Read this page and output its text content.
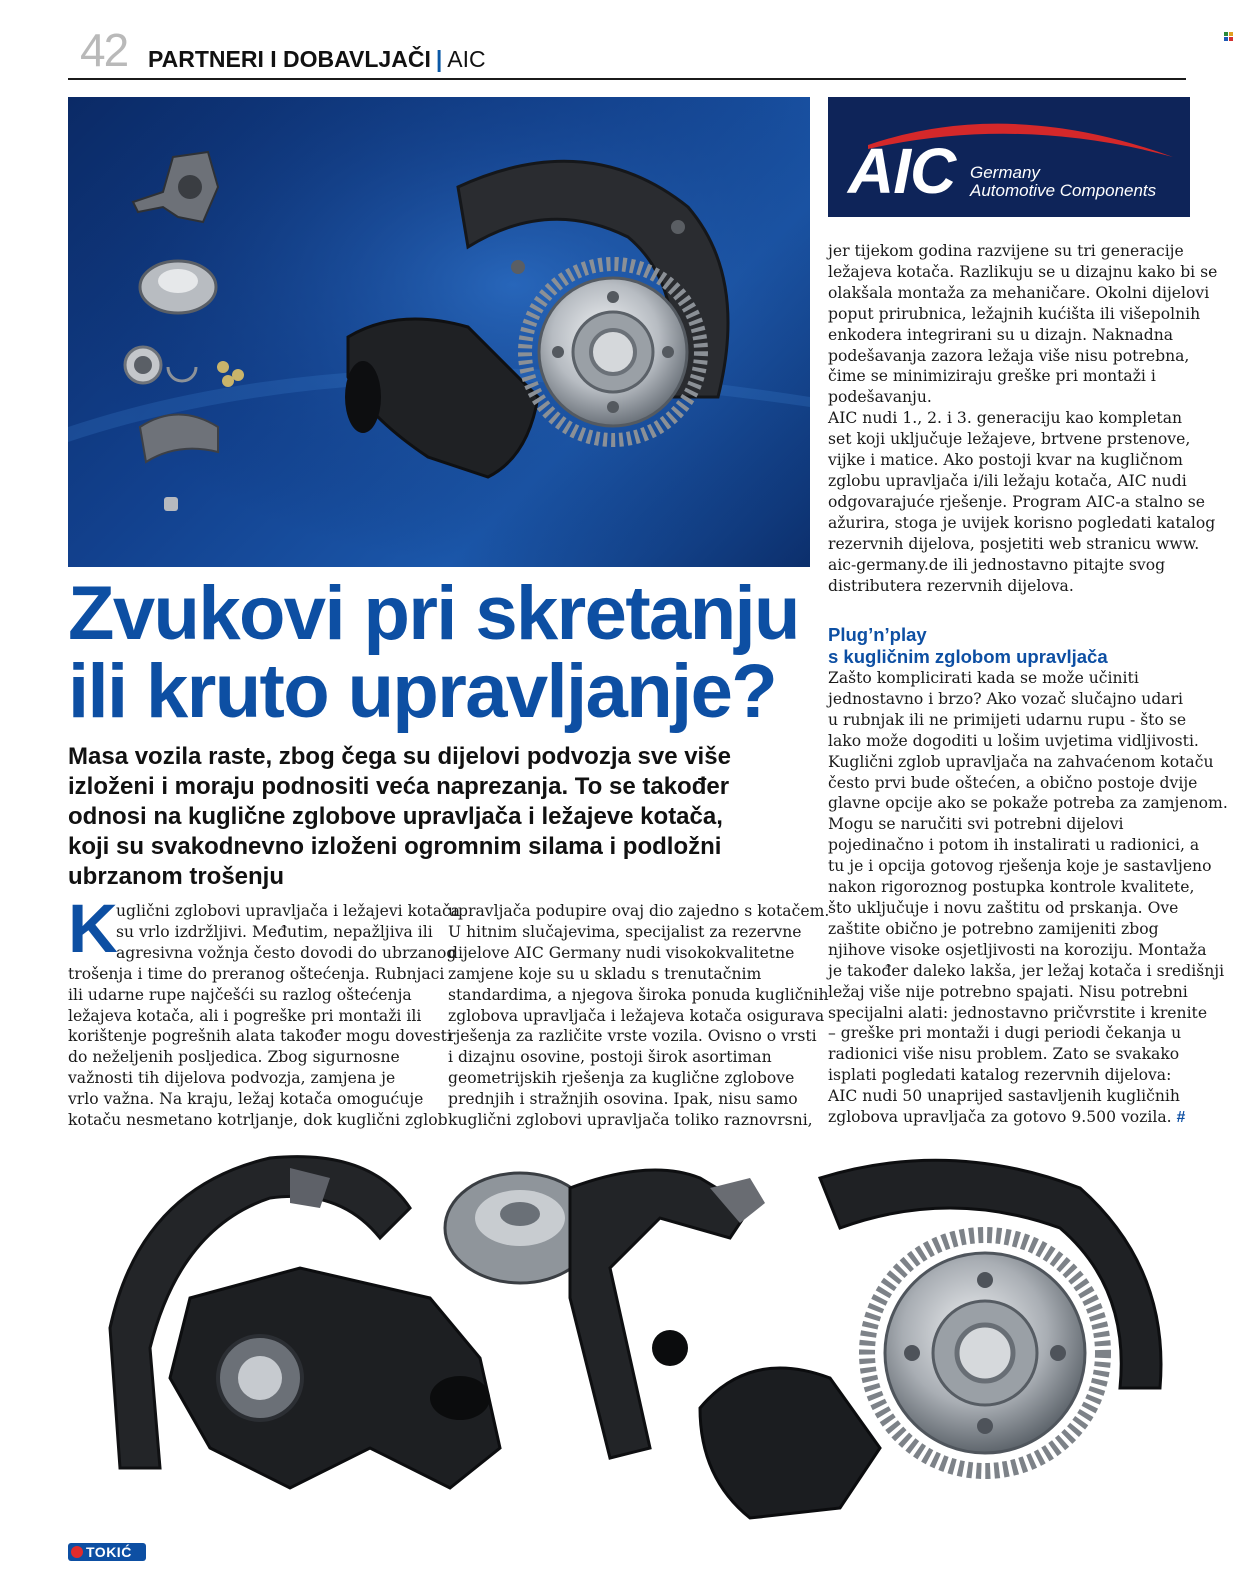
42 PARTNERI I DOBAVLJAČI | AIC
AIC Germany
Automotive Components
Zvukovi pri skretanju
ili kruto upravljanje?
Masa vozila raste, zbog čega su dijelovi podvozja sve više
izloženi i moraju podnositi veća naprezanja. To se također
odnosi na kuglične zglobove upravljača i ležajeve kotača,
koji su svakodnevno izloženi ogromnim silama i podložni
ubrzanom trošenju
K
uglični zglobovi upravljača i ležajevi kotača
su vrlo izdržljivi. Međutim, nepažljiva ili
agresivna vožnja često dovodi do ubrzanog
trošenja i time do preranog oštećenja. Rubnjaci
ili udarne rupe najčešći su razlog oštećenja
ležajeva kotača, ali i pogreške pri montaži ili
korištenje pogrešnih alata također mogu dovesti
do neželjenih posljedica. Zbog sigurnosne
važnosti tih dijelova podvozja, zamjena je
vrlo važna. Na kraju, ležaj kotača omogućuje
kotaču nesmetano kotrljanje, dok kuglični zglob
upravljača podupire ovaj dio zajedno s kotačem.
U hitnim slučajevima, specijalist za rezervne
dijelove AIC Germany nudi visokokvalitetne
zamjene koje su u skladu s trenutačnim
standardima, a njegova široka ponuda kugličnih
zglobova upravljača i ležajeva kotača osigurava
rješenja za različite vrste vozila. Ovisno o vrsti
i dizajnu osovine, postoji širok asortiman
geometrijskih rješenja za kuglične zglobove
prednjih i stražnjih osovina. Ipak, nisu samo
kuglični zglobovi upravljača toliko raznovrsni,
jer tijekom godina razvijene su tri generacije
ležajeva kotača. Razlikuju se u dizajnu kako bi se
olakšala montaža za mehaničare. Okolni dijelovi
poput prirubnica, ležajnih kućišta ili višepolnih
enkodera integrirani su u dizajn. Naknadna
podešavanja zazora ležaja više nisu potrebna,
čime se minimiziraju greške pri montaži i
podešavanju.
AIC nudi 1., 2. i 3. generaciju kao kompletan
set koji uključuje ležajeve, brtvene prstenove,
vijke i matice. Ako postoji kvar na kugličnom
zglobu upravljača i/ili ležaju kotača, AIC nudi
odgovarajuće rješenje. Program AIC-a stalno se
ažurira, stoga je uvijek korisno pogledati katalog
rezervnih dijelova, posjetiti web stranicu www.
aic-germany.de ili jednostavno pitajte svog
distributera rezervnih dijelova.
Plug’n’play
s kugličnim zglobom upravljača
Zašto komplicirati kada se može učiniti
jednostavno i brzo? Ako vozač slučajno udari
u rubnjak ili ne primijeti udarnu rupu - što se
lako može dogoditi u lošim uvjetima vidljivosti.
Kuglični zglob upravljača na zahvaćenom kotaču
često prvi bude oštećen, a obično postoje dvije
glavne opcije ako se pokaže potreba za zamjenom.
Mogu se naručiti svi potrebni dijelovi
pojedinačno i potom ih instalirati u radionici, a
tu je i opcija gotovog rješenja koje je sastavljeno
nakon rigoroznog postupka kontrole kvalitete,
što uključuje i novu zaštitu od prskanja. Ove
zaštite obično je potrebno zamijeniti zbog
njihove visoke osjetljivosti na koroziju. Montaža
je također daleko lakša, jer ležaj kotača i središnji
ležaj više nije potrebno spajati. Nisu potrebni
specijalni alati: jednostavno pričvrstite i krenite
– greške pri montaži i dugi periodi čekanja u
radionici više nisu problem. Zato se svakako
isplati pogledati katalog rezervnih dijelova:
AIC nudi 50 unaprijed sastavljenih kugličnih
zglobova upravljača za gotovo 9.500 vozila. #
TOKIĆ
